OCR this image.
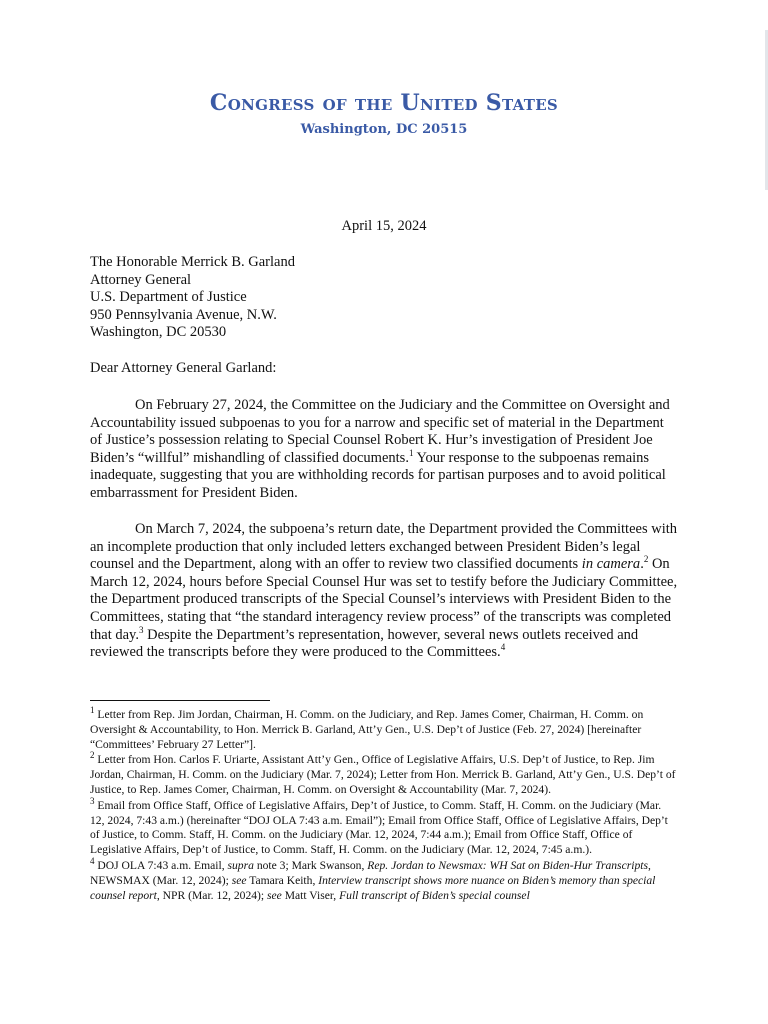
Congress of the United States
Washington, DC 20515
April 15, 2024
The Honorable Merrick B. Garland
Attorney General
U.S. Department of Justice
950 Pennsylvania Avenue, N.W.
Washington, DC 20530
Dear Attorney General Garland:

On February 27, 2024, the Committee on the Judiciary and the Committee on Oversight and Accountability issued subpoenas to you for a narrow and specific set of material in the Department of Justice’s possession relating to Special Counsel Robert K. Hur’s investigation of President Joe Biden’s “willful” mishandling of classified documents.$^1$ Your response to the subpoenas remains inadequate, suggesting that you are withholding records for partisan purposes and to avoid political embarrassment for President Biden.

On March 7, 2024, the subpoena’s return date, the Department provided the Committees with an incomplete production that only included letters exchanged between President Biden’s legal counsel and the Department, along with an offer to review two classified documents in camera.$^2$ On March 12, 2024, hours before Special Counsel Hur was set to testify before the Judiciary Committee, the Department produced transcripts of the Special Counsel’s interviews with President Biden to the Committees, stating that “the standard interagency review process” of the transcripts was completed that day.$^3$ Despite the Department’s representation, however, several news outlets received and reviewed the transcripts before they were produced to the Committees.$^4$

$^1$ Letter from Rep. Jim Jordan, Chairman, H. Comm. on the Judiciary, and Rep. James Comer, Chairman, H. Comm. on Oversight & Accountability, to Hon. Merrick B. Garland, Att’y Gen., U.S. Dep’t of Justice (Feb. 27, 2024) [hereinafter “Committees’ February 27 Letter”].

$^2$ Letter from Hon. Carlos F. Uriarte, Assistant Att’y Gen., Office of Legislative Affairs, U.S. Dep’t of Justice, to Rep. Jim Jordan, Chairman, H. Comm. on the Judiciary (Mar. 7, 2024); Letter from Hon. Merrick B. Garland, Att’y Gen., U.S. Dep’t of Justice, to Rep. James Comer, Chairman, H. Comm. on Oversight & Accountability (Mar. 7, 2024).

$^3$ Email from Office Staff, Office of Legislative Affairs, Dep’t of Justice, to Comm. Staff, H. Comm. on the Judiciary (Mar. 12, 2024, 7:43 a.m.) (hereinafter “DOJ OLA 7:43 a.m. Email”); Email from Office Staff, Office of Legislative Affairs, Dep’t of Justice, to Comm. Staff, H. Comm. on the Judiciary (Mar. 12, 2024, 7:44 a.m.); Email from Office Staff, Office of Legislative Affairs, Dep’t of Justice, to Comm. Staff, H. Comm. on the Judiciary (Mar. 12, 2024, 7:45 a.m.).

$^4$ DOJ OLA 7:43 a.m. Email, supra note 3; Mark Swanson, Rep. Jordan to Newsmax: WH Sat on Biden-Hur Transcripts, NEWSMAX (Mar. 12, 2024); see Tamara Keith, Interview transcript shows more nuance on Biden’s memory than special counsel report, NPR (Mar. 12, 2024); see Matt Viser, Full transcript of Biden’s special counsel
